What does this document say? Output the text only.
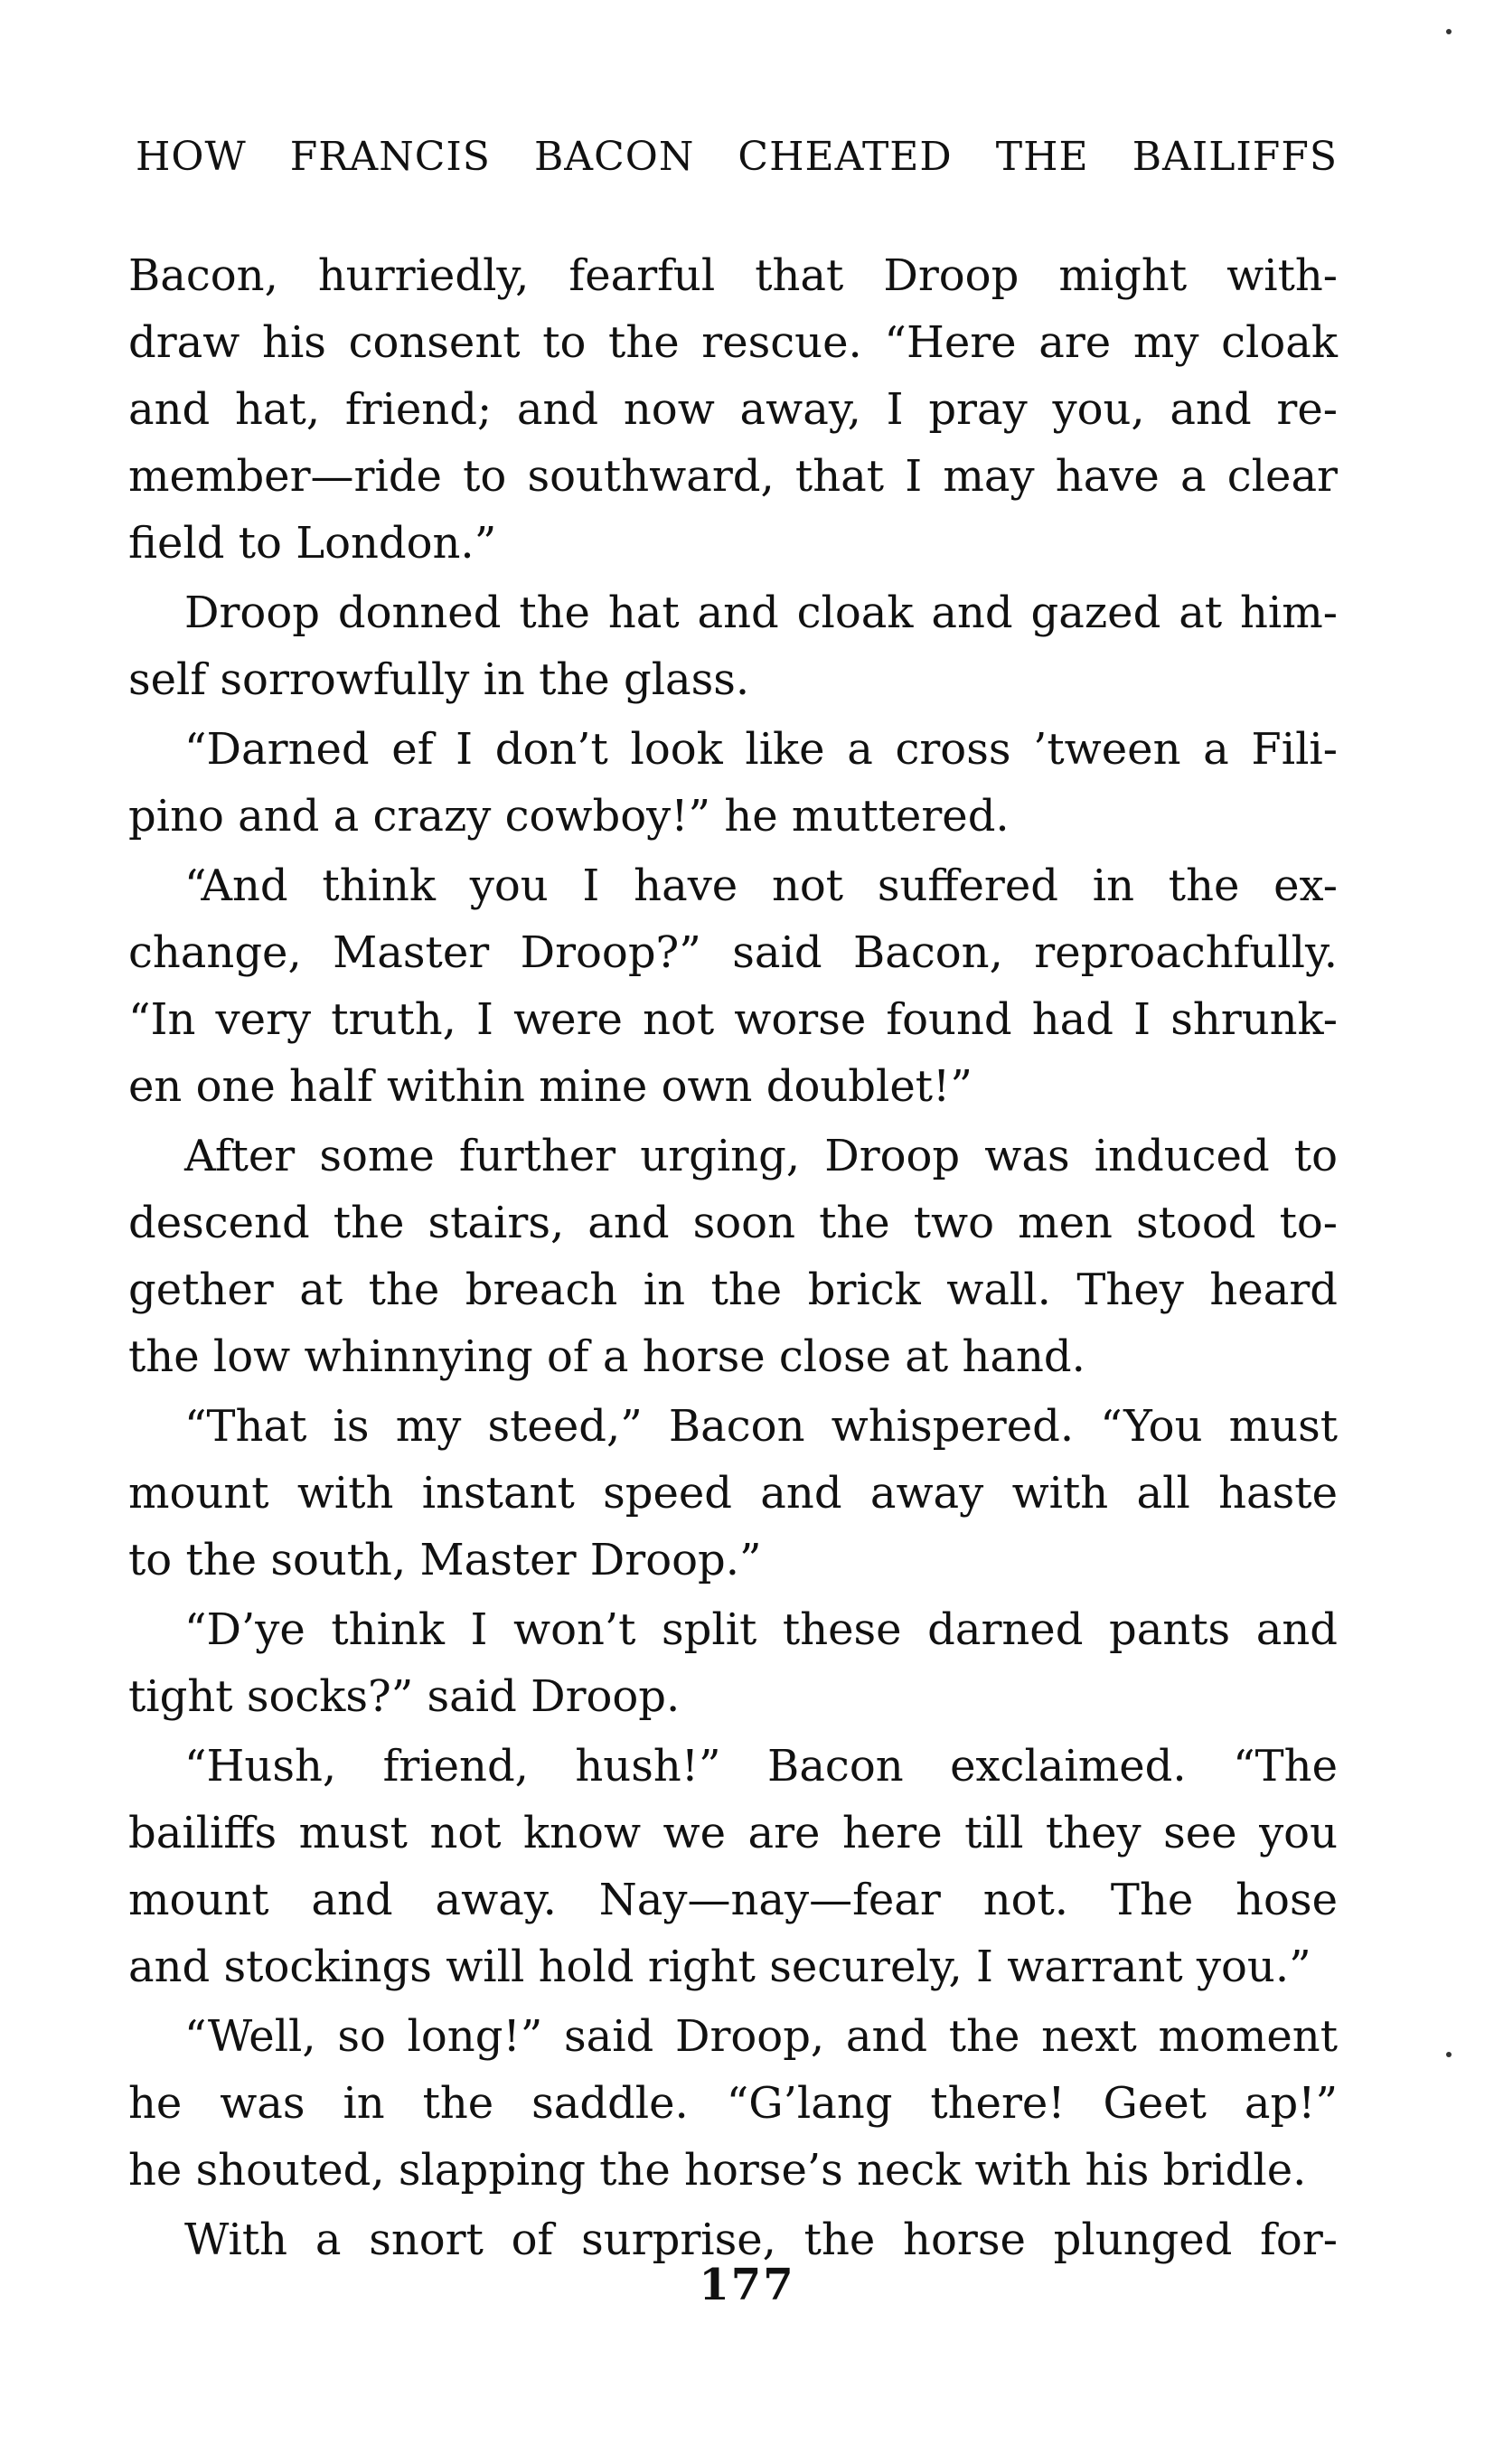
HOW FRANCIS BACON CHEATED THE BAILIFFS
Bacon, hurriedly, fearful that Droop might with-
draw his consent to the rescue. “Here are my cloak
and hat, friend; and now away, I pray you, and re-
member—ride to southward, that I may have a clear
field to London.”
Droop donned the hat and cloak and gazed at him-
self sorrowfully in the glass.
“Darned ef I don’t look like a cross ’tween a Fili-
pino and a crazy cowboy!” he muttered.
“And think you I have not suffered in the ex-
change, Master Droop?” said Bacon, reproachfully.
“In very truth, I were not worse found had I shrunk-
en one half within mine own doublet!”
After some further urging, Droop was induced to
descend the stairs, and soon the two men stood to-
gether at the breach in the brick wall. They heard
the low whinnying of a horse close at hand.
“That is my steed,” Bacon whispered. “You must
mount with instant speed and away with all haste
to the south, Master Droop.”
“D’ye think I won’t split these darned pants and
tight socks?” said Droop.
“Hush, friend, hush!” Bacon exclaimed. “The
bailiffs must not know we are here till they see you
mount and away. Nay—nay—fear not. The hose
and stockings will hold right securely, I warrant you.”
“Well, so long!” said Droop, and the next moment
he was in the saddle. “G’lang there! Geet ap!”
he shouted, slapping the horse’s neck with his bridle.
With a snort of surprise, the horse plunged for-
177
